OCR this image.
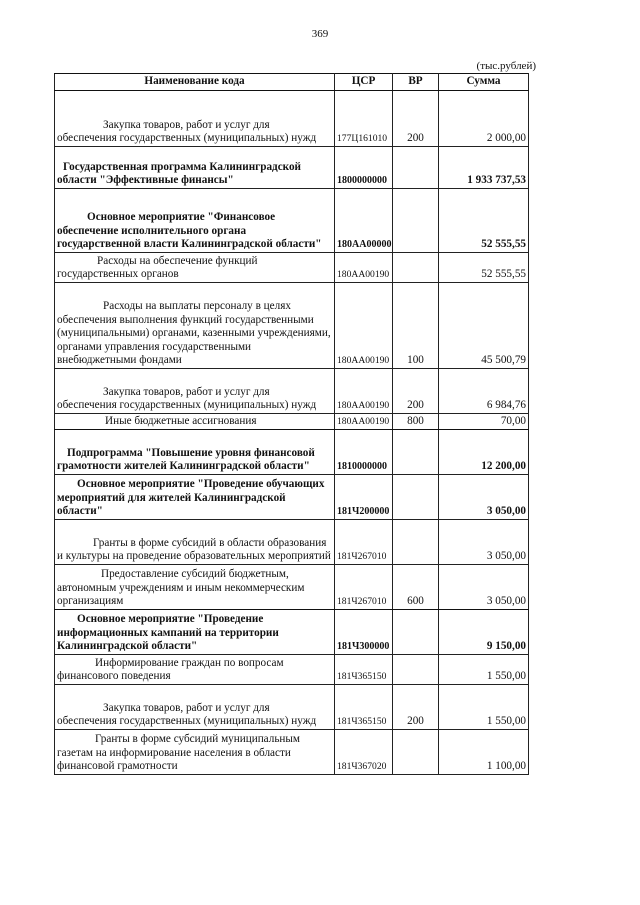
369
(тыс.рублей)
Наименование кода	ЦСР	ВР	Сумма
Закупка товаров, работ и услуг для обеспечения государственных (муниципальных) нужд	177Ц161010	200	2 000,00
Государственная программа Калининградской области "Эффективные финансы"	1800000000		1 933 737,53
Основное мероприятие "Финансовое обеспечение исполнительного органа государственной власти Калининградской области"	180АА00000		52 555,55
Расходы на обеспечение функций государственных органов	180АА00190		52 555,55
Расходы на выплаты персоналу в целях обеспечения выполнения функций государственными (муниципальными) органами, казенными учреждениями, органами управления государственными внебюджетными фондами	180АА00190	100	45 500,79
Закупка товаров, работ и услуг для обеспечения государственных (муниципальных) нужд	180АА00190	200	6 984,76
Иные бюджетные ассигнования	180АА00190	800	70,00
Подпрограмма "Повышение уровня финансовой грамотности жителей Калининградской области"	1810000000		12 200,00
Основное мероприятие "Проведение обучающих мероприятий для жителей Калининградской области"	181Ч200000		3 050,00
Гранты в форме субсидий в области образования и культуры на проведение образовательных мероприятий	181Ч267010		3 050,00
Предоставление субсидий бюджетным, автономным учреждениям и иным некоммерческим организациям	181Ч267010	600	3 050,00
Основное мероприятие "Проведение информационных кампаний на территории Калининградской области"	181Ч300000		9 150,00
Информирование граждан по вопросам финансового поведения	181Ч365150		1 550,00
Закупка товаров, работ и услуг для обеспечения государственных (муниципальных) нужд	181Ч365150	200	1 550,00
Гранты в форме субсидий муниципальным газетам на информирование населения в области финансовой грамотности	181Ч367020		1 100,00
